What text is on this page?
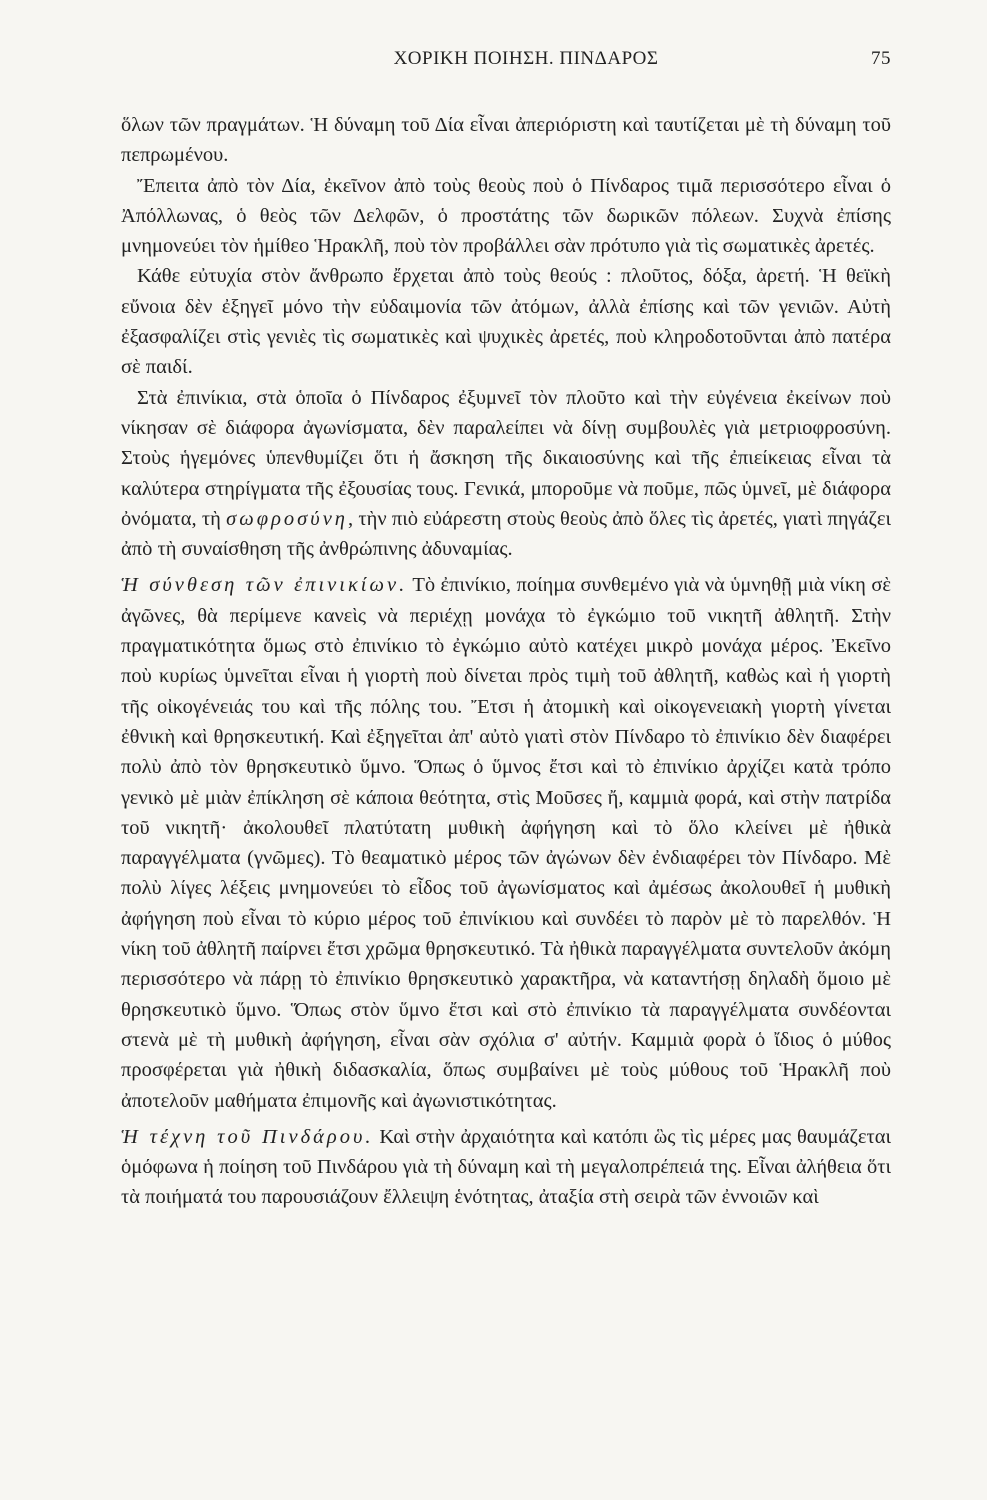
ΧΟΡΙΚΗ ΠΟΙΗΣΗ. ΠΙΝΔΑΡΟΣ	75

ὅλων τῶν πραγμάτων. Ἡ δύναμη τοῦ Δία εἶναι ἀπεριόριστη καὶ ταυτίζεται μὲ τὴ δύναμη τοῦ πεπρωμένου.

Ἔπειτα ἀπὸ τὸν Δία, ἐκεῖνον ἀπὸ τοὺς θεοὺς ποὺ ὁ Πίνδαρος τιμᾶ περισσότερο εἶναι ὁ Ἀπόλλωνας, ὁ θεὸς τῶν Δελφῶν, ὁ προστάτης τῶν δωρικῶν πόλεων. Συχνὰ ἐπίσης μνημονεύει τὸν ἡμίθεο Ἡρακλῆ, ποὺ τὸν προβάλλει σὰν πρότυπο γιὰ τὶς σωματικὲς ἀρετές.

Κάθε εὐτυχία στὸν ἄνθρωπο ἔρχεται ἀπὸ τοὺς θεούς : πλοῦτος, δόξα, ἀρετή. Ἡ θεϊκὴ εὔνοια δὲν ἐξηγεῖ μόνο τὴν εὐδαιμονία τῶν ἀτόμων, ἀλλὰ ἐπίσης καὶ τῶν γενιῶν. Αὐτὴ ἐξασφαλίζει στὶς γενιὲς τὶς σωματικὲς καὶ ψυχικὲς ἀρετές, ποὺ κληροδοτοῦνται ἀπὸ πατέρα σὲ παιδί.

Στὰ ἐπινίκια, στὰ ὁποῖα ὁ Πίνδαρος ἐξυμνεῖ τὸν πλοῦτο καὶ τὴν εὐγένεια ἐκείνων ποὺ νίκησαν σὲ διάφορα ἀγωνίσματα, δὲν παραλείπει νὰ δίνῃ συμβουλὲς γιὰ μετριοφροσύνη. Στοὺς ἡγεμόνες ὑπενθυμίζει ὅτι ἡ ἄσκηση τῆς δικαιοσύνης καὶ τῆς ἐπιείκειας εἶναι τὰ καλύτερα στηρίγματα τῆς ἐξουσίας τους. Γενικά, μποροῦμε νὰ ποῦμε, πῶς ὑμνεῖ, μὲ διάφορα ὀνόματα, τὴ σωφροσύνη, τὴν πιὸ εὐάρεστη στοὺς θεοὺς ἀπὸ ὅλες τὶς ἀρετές, γιατὶ πηγάζει ἀπὸ τὴ συναίσθηση τῆς ἀνθρώπινης ἀδυναμίας.

Ἡ σύνθεση τῶν ἐπινικίων. Τὸ ἐπινίκιο, ποίημα συνθεμένο γιὰ νὰ ὑμνηθῇ μιὰ νίκη σὲ ἀγῶνες, θὰ περίμενε κανεὶς νὰ περιέχῃ μονάχα τὸ ἐγκώμιο τοῦ νικητῆ ἀθλητῆ. Στὴν πραγματικότητα ὅμως στὸ ἐπινίκιο τὸ ἐγκώμιο αὐτὸ κατέχει μικρὸ μονάχα μέρος. Ἐκεῖνο ποὺ κυρίως ὑμνεῖται εἶναι ἡ γιορτὴ ποὺ δίνεται πρὸς τιμὴ τοῦ ἀθλητῆ, καθὼς καὶ ἡ γιορτὴ τῆς οἰκογένειάς του καὶ τῆς πόλης του. Ἔτσι ἡ ἀτομικὴ καὶ οἰκογενειακὴ γιορτὴ γίνεται ἐθνικὴ καὶ θρησκευτική. Καὶ ἐξηγεῖται ἀπ' αὐτὸ γιατὶ στὸν Πίνδαρο τὸ ἐπινίκιο δὲν διαφέρει πολὺ ἀπὸ τὸν θρησκευτικὸ ὕμνο. Ὅπως ὁ ὕμνος ἔτσι καὶ τὸ ἐπινίκιο ἀρχίζει κατὰ τρόπο γενικὸ μὲ μιὰν ἐπίκληση σὲ κάποια θεότητα, στὶς Μοῦσες ἤ, καμμιὰ φορά, καὶ στὴν πατρίδα τοῦ νικητῆ· ἀκολουθεῖ πλατύτατη μυθικὴ ἀφήγηση καὶ τὸ ὅλο κλείνει μὲ ἠθικὰ παραγγέλματα (γνῶμες). Τὸ θεαματικὸ μέρος τῶν ἀγώνων δὲν ἐνδιαφέρει τὸν Πίνδαρο. Μὲ πολὺ λίγες λέξεις μνημονεύει τὸ εἶδος τοῦ ἀγωνίσματος καὶ ἀμέσως ἀκολουθεῖ ἡ μυθικὴ ἀφήγηση ποὺ εἶναι τὸ κύριο μέρος τοῦ ἐπινίκιου καὶ συνδέει τὸ παρὸν μὲ τὸ παρελθόν. Ἡ νίκη τοῦ ἀθλητῆ παίρνει ἔτσι χρῶμα θρησκευτικό. Τὰ ἠθικὰ παραγγέλματα συντελοῦν ἀκόμη περισσότερο νὰ πάρῃ τὸ ἐπινίκιο θρησκευτικὸ χαρακτῆρα, νὰ καταντήσῃ δηλαδὴ ὅμοιο μὲ θρησκευτικὸ ὕμνο. Ὅπως στὸν ὕμνο ἔτσι καὶ στὸ ἐπινίκιο τὰ παραγγέλματα συνδέονται στενὰ μὲ τὴ μυθικὴ ἀφήγηση, εἶναι σὰν σχόλια σ' αὐτήν. Καμμιὰ φορὰ ὁ ἴδιος ὁ μύθος προσφέρεται γιὰ ἠθικὴ διδασκαλία, ὅπως συμβαίνει μὲ τοὺς μύθους τοῦ Ἡρακλῆ ποὺ ἀποτελοῦν μαθήματα ἐπιμονῆς καὶ ἀγωνιστικότητας.

Ἡ τέχνη τοῦ Πινδάρου. Καὶ στὴν ἀρχαιότητα καὶ κατόπι ὣς τὶς μέρες μας θαυμάζεται ὁμόφωνα ἡ ποίηση τοῦ Πινδάρου γιὰ τὴ δύναμη καὶ τὴ μεγαλοπρέπειά της. Εἶναι ἀλήθεια ὅτι τὰ ποιήματά του παρουσιάζουν ἔλλειψη ἑνότητας, ἀταξία στὴ σειρὰ τῶν ἐννοιῶν καὶ
